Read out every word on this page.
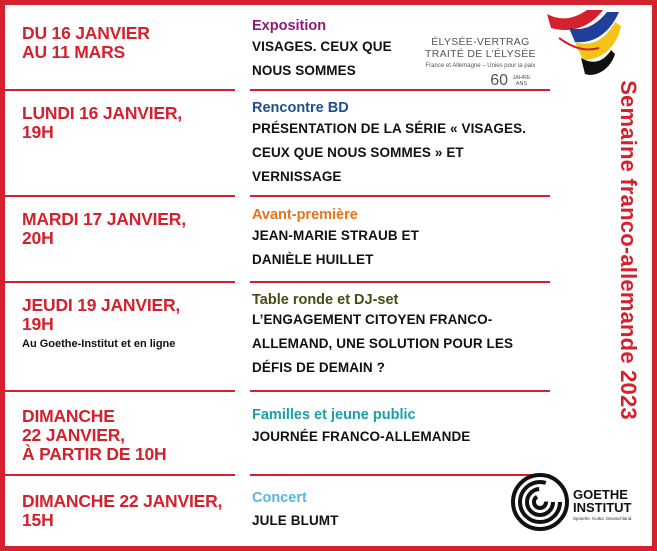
DU 16 JANVIER
AU 11 MARS
Exposition
VISAGES. CEUX QUE NOUS SOMMES
LUNDI 16 JANVIER,
19H
Rencontre BD
PRÉSENTATION DE LA SÉRIE « VISAGES. CEUX QUE NOUS SOMMES » ET VERNISSAGE
MARDI 17 JANVIER,
20H
Avant-première
JEAN-MARIE STRAUB ET DANIÈLE HUILLET
JEUDI 19 JANVIER,
19H
Au Goethe-Institut et en ligne
Table ronde et DJ-set
L’ENGAGEMENT CITOYEN FRANCO-ALLEMAND, UNE SOLUTION POUR LES DÉFIS DE DEMAIN ?
DIMANCHE
22 JANVIER,
À PARTIR DE 10H
Familles et jeune public
JOURNÉE FRANCO-ALLEMANDE
DIMANCHE 22 JANVIER,
15H
Concert
JULE BLUMT
Semaine franco-allemande 2023
ÉLYSÉE-VERTRAG
TRAITÉ DE L’ÉLYSÉE
France et Allemagne – Unies pour la paix
60 JAHRE
ANS
GOETHE
INSTITUT
Sprache. Kultur. Deutschland.
